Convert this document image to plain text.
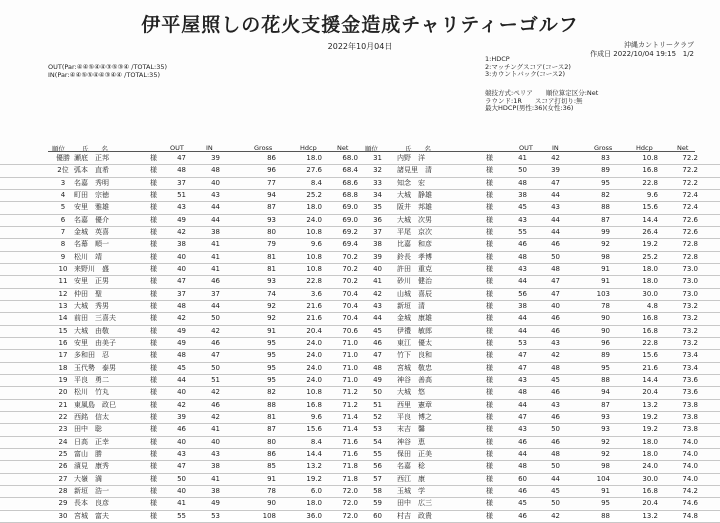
伊平屋照しの花火支援金造成チャリティーゴルフ
2022年10月04日	沖縄カントリークラブ
作成日 2022/10/04 19:15 1/2
OUT(Par:④④⑤④④③⑤③④ /TOTAL:35)
IN(Par:④④⑤⑤④④③④④ /TOTAL:35)
1:HDCP
2:マッチングスコア(コース2)
3:カウントバック(コース2)
競技方式:ぺリア　　順位算定区分:Net
ラウンド:1R　　スコア打切り:無
最大HDCP(男性:36)(女性:36)
順位	氏　　名	OUT	IN	Gross	Hdcp	Net	順位	氏　　名	OUT	IN	Gross	Hdcp	Net
優勝 瀬底　正邦	様	47	39	86	18.0	68.0	31 内野　洋	様	41	42	83	10.8	72.2
2位 弧本　直希	様	48	48	96	27.6	68.4	32 諸見里　清	様	50	39	89	16.8	72.2
3	名嘉　秀明	様	37	40	77	8.4	68.6	33 知念　宏	様	48	47	95	22.8	72.2
4	町田　宗徳	様	51	43	94	25.2	68.8	34 大城　静雄	様	38	44	82	9.6	72.4
5	安里　雅雄	様	43	44	87	18.0	69.0	35 阪井　邦雄	様	45	43	88	15.6	72.4
6	名嘉　優介	様	49	44	93	24.0	69.0	36 大城　次男	様	43	44	87	14.4	72.6
7	金城　英喜	様	42	38	80	10.8	69.2	37 平尾　京次	様	55	44	99	26.4	72.6
8	名幕　順一	様	38	41	79	9.6	69.4	38 比嘉　和彦	様	46	46	92	19.2	72.8
9	松川　靖	様	40	41	81	10.8	70.2	39 鈴長　孝博	様	48	50	98	25.2	72.8
10 来野川　盛	様	40	41	81	10.8	70.2	40 許田　重克	様	43	48	91	18.0	73.0
11 安里　正男	様	47	46	93	22.8	70.2	41 砂川　健治	様	44	47	91	18.0	73.0
12 仲田　聖	様	37	37	74	3.6	70.4	42 山城　喜辰	様	56	47	103	30.0	73.0
13 大城　秀男	様	48	44	92	21.6	70.4	43 新垣　清	様	38	40	78	4.8	73.2
14 前田　三喜夫	様	42	50	92	21.6	70.4	44 金城　康雄	様	44	46	90	16.8	73.2
15 大城　由敬	様	49	42	91	20.4	70.6	45 伊禮　敏郎	様	44	46	90	16.8	73.2
16 安里　由美子	様	49	46	95	24.0	71.0	46 東江　優太	様	53	43	96	22.8	73.2
17 多和田　忍	様	48	47	95	24.0	71.0	47 竹下　良和	様	47	42	89	15.6	73.4
18 玉代勢　泰男	様	45	50	95	24.0	71.0	48 宮城　敬忠	様	47	48	95	21.6	73.4
19 平良　勇二	様	44	51	95	24.0	71.0	49 神谷　善高	様	43	45	88	14.4	73.6
20 松川　竹丸	様	40	42	82	10.8	71.2	50 大城　悠	様	48	46	94	20.4	73.6
21 東風島　政巳	様	42	46	88	16.8	71.2	51 西里　憲章	様	44	43	87	13.2	73.8
22 西銘　信太	様	39	42	81	9.6	71.4	52 平良　博之	様	47	46	93	19.2	73.8
23 田中　聡	様	46	41	87	15.6	71.4	53 末吉　馨	様	43	50	93	19.2	73.8
24 日高　正幸	様	40	40	80	8.4	71.6	54 神谷　恵	様	46	46	92	18.0	74.0
25 富山　勝	様	43	43	86	14.4	71.6	55 保田　正美	様	44	48	92	18.0	74.0
26 濱見　康秀	様	47	38	85	13.2	71.8	56 名嘉　稔	様	48	50	98	24.0	74.0
27 大嶺　満	様	50	41	91	19.2	71.8	57 西江　康	様	60	44	104	30.0	74.0
28 新垣　浩一	様	40	38	78	6.0	72.0	58 玉城　学	様	46	45	91	16.8	74.2
29 長本　良彦	様	41	49	90	18.0	72.0	59 田中　広三	様	45	50	95	20.4	74.6
30 宮城　富夫	様	55	53	108	36.0	72.0	60 村吉　政貴	様	46	42	88	13.2	74.8
